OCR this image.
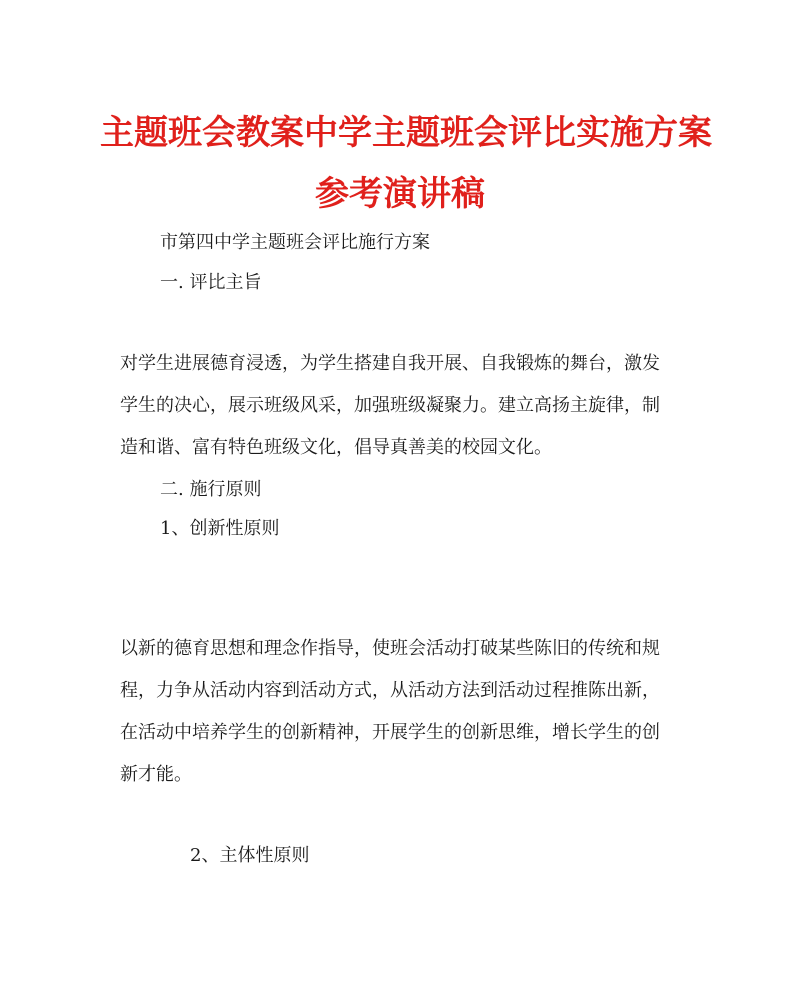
主题班会教案中学主题班会评比实施方案
参考演讲稿
市第四中学主题班会评比施行方案
一. 评比主旨
对学生进展德育浸透，为学生搭建自我开展、自我锻炼的舞台，激发
学生的决心，展示班级风采，加强班级凝聚力。建立高扬主旋律，制
造和谐、富有特色班级文化，倡导真善美的校园文化。
二. 施行原则
1、创新性原则
以新的德育思想和理念作指导，使班会活动打破某些陈旧的传统和规
程，力争从活动内容到活动方式，从活动方法到活动过程推陈出新，
在活动中培养学生的创新精神，开展学生的创新思维，增长学生的创
新才能。
2、主体性原则
